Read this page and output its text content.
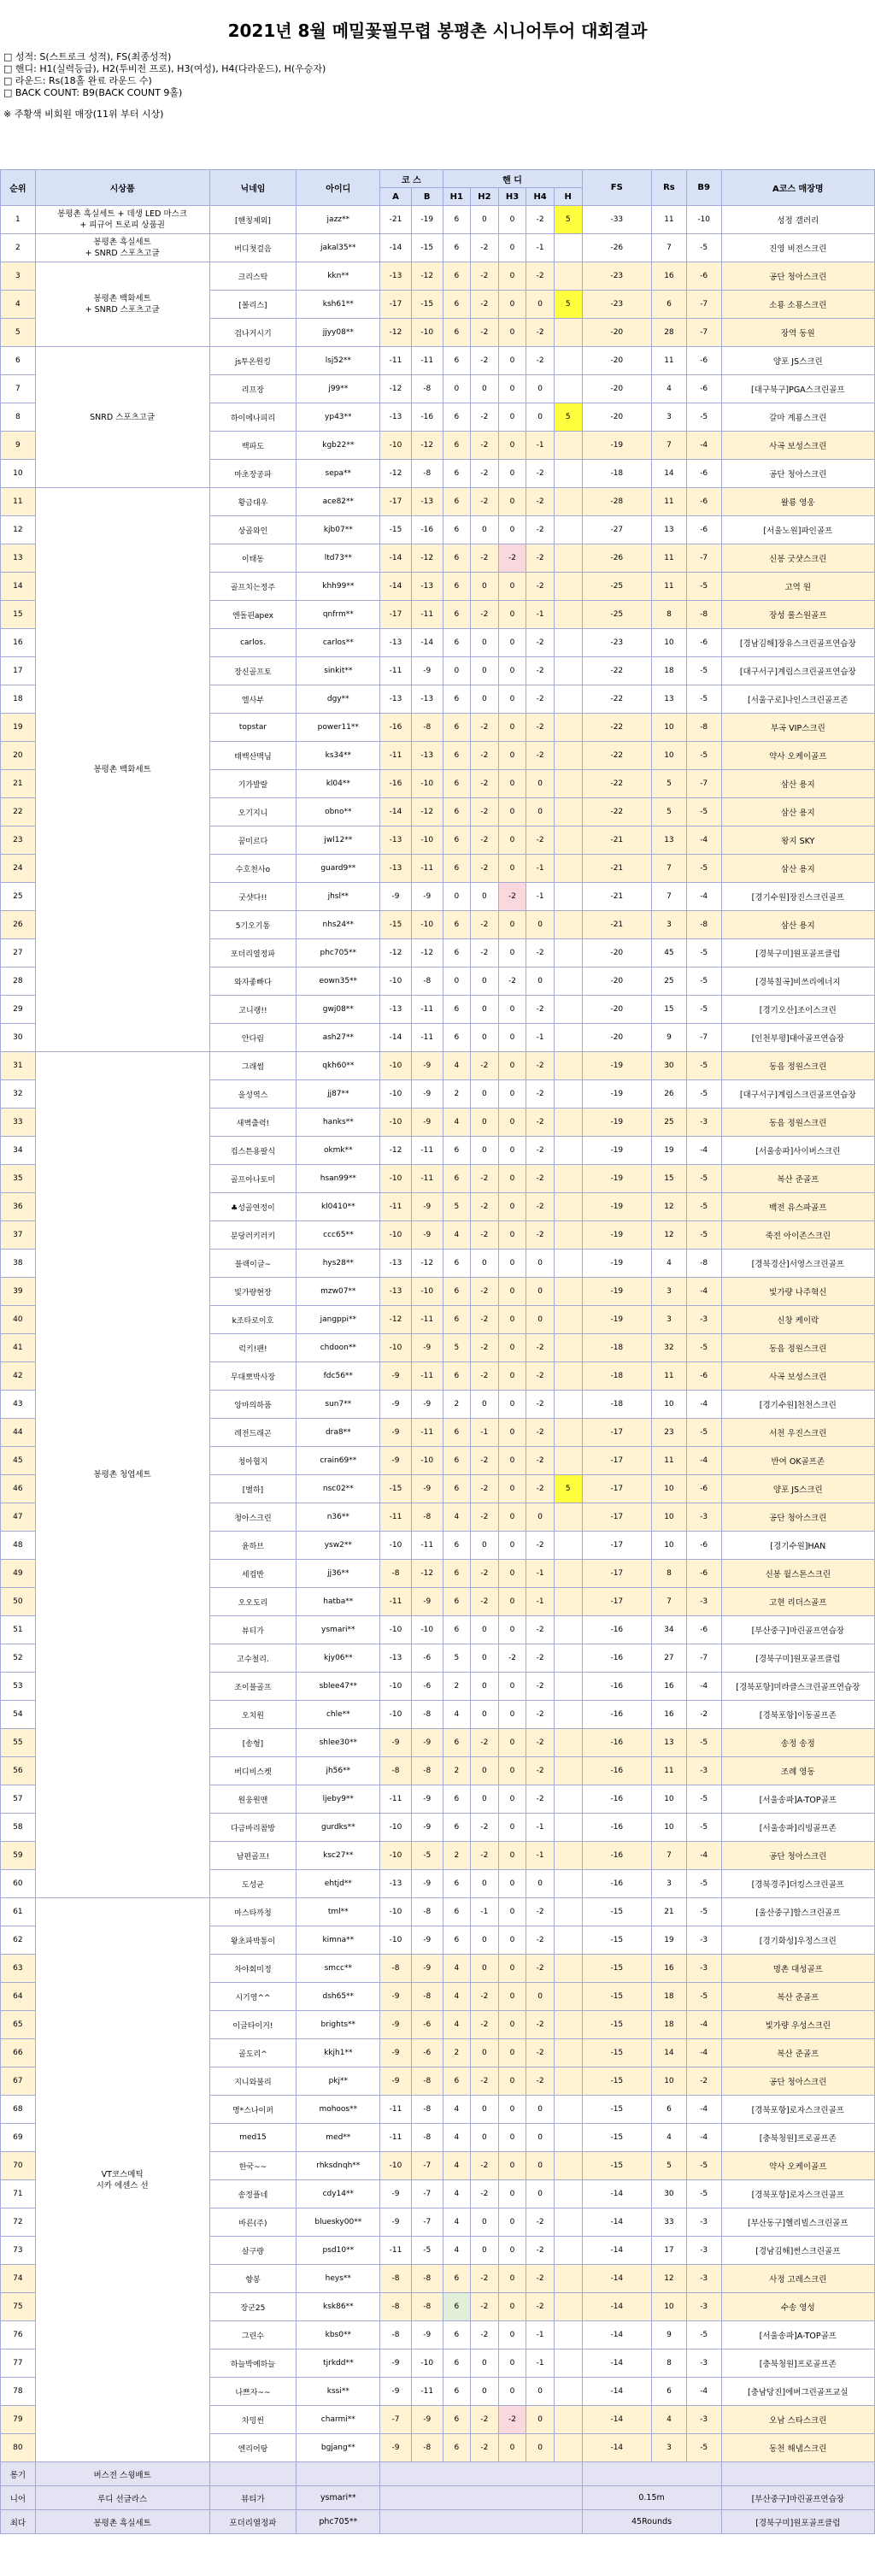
2021년 8월 메밀꽃필무렵 봉평촌 시니어투어 대회결과
□ 성적: S(스트로크 성적), FS(최종성적)
□ 핸디: H1(실력등급), H2(투비전 프로), H3(여성), H4(다라운드), H(우승자)
□ 라운드: Rs(18홀 완료 라운드 수)
□ BACK COUNT: B9(BACK COUNT 9홀)
※ 주황색 비회원 매장(11위 부터 시상)
순위	시상품	닉네임	아이디	코 스		핸 디					FS	Rs	B9	A코스 매장명
				A	B	H1	H2	H3	H4	H				
1	봉평촌 흑실세트 + 데생 LED 마스크
+ 피규어 트로피 상품권	[핸칭제외]	jazz**	-21	-19	6	0	0	-2	5	-33	11	-10	성정 갤러리
2	봉평촌 흑실세트
+ SNRD 스포츠고글	버디첫걸음	jakal35**	-14	-15	6	-2	0	-1		-26	7	-5	진영 비전스크린
3	봉평촌 백화세트
+ SNRD 스포츠고글	크리스탁	kkn**	-13	-12	6	-2	0	-2		-23	16	-6	공단 청아스크린
4		[볼리스]	ksh61**	-17	-15	6	-2	0	0	5	-23	6	-7	소룡 소룡스크린
5		겁나거시기	jjyy08**	-12	-10	6	-2	0	-2		-20	28	-7	장역 동원
6	SNRD 스포츠고글	js투온원킹	lsj52**	-11	-11	6	-2	0	-2		-20	11	-6	양포 JS스크린
7		리프장	j99**	-12	-8	0	0	0	0		-20	4	-6	[대구북구]PGA스크린골프
8		하이에나피리	yp43**	-13	-16	6	-2	0	0	5	-20	3	-5	갈마 계룡스크린
9		백파도	kgb22**	-10	-12	6	-2	0	-1		-19	7	-4	사곡 보성스크린
10		마초장공파	sepa**	-12	-8	6	-2	0	-2		-18	14	-6	공단 청아스크린
11	봉평촌 백화세트	황금대우	ace82**	-17	-13	6	-2	0	-2		-28	11	-6	왈룡 영웅
12		상골와인	kjb07**	-15	-16	6	0	0	-2		-27	13	-6	[서울노원]파인골프
13		이태동	ltd73**	-14	-12	6	-2	-2	-2		-26	11	-7	신봉 굿샷스크린
14		골프치는정주	khh99**	-14	-13	6	0	0	-2		-25	11	-5	고역 원
15		엔돌핀apex	qnfrm**	-17	-11	6	-2	0	-1		-25	8	-8	장성 롤스원골프
16		carlos.	carlos**	-13	-14	6	0	0	-2		-23	10	-6	[경남김해]장유스크린골프연습장
17		장신골프토	sinkit**	-11	-9	0	0	0	-2		-22	18	-5	[대구서구]계림스크린골프연습장
18		엘사부	dgy**	-13	-13	6	0	0	-2		-22	13	-5	[서울구로]나인스크린골프존
19		topstar	power11**	-16	-8	6	-2	0	-2		-22	10	-8	부곡 VIP스크린
20		태백산맥님	ks34**	-11	-13	6	-2	0	-2		-22	10	-5	약사 오케이골프
21		기가발랄	kl04**	-16	-10	6	-2	0	0		-22	5	-7	삼산 용지
22		오기지니	obno**	-14	-12	6	-2	0	0		-22	5	-5	삼산 용지
23		꿈미르다	jwl12**	-13	-10	6	-2	0	-2		-21	13	-4	왕지 SKY
24		수호천사o	guard9**	-13	-11	6	-2	0	-1		-21	7	-5	삼산 용지
25		굿샷다!!	jhsl**	-9	-9	0	0	-2	-1		-21	7	-4	[경기수원]장진스크린골프
26		5기오기통	nhs24**	-15	-10	6	-2	0	0		-21	3	-8	삼산 용지
27		포더리열정파	phc705**	-12	-12	6	-2	0	-2		-20	45	-5	[경북구미]원포골프클럽
28		와자좋빠다	eown35**	-10	-8	0	0	-2	0		-20	25	-5	[경북칠곡]비쓰리에너지
29		고니랭!!	gwj08**	-13	-11	6	0	0	-2		-20	15	-5	[경기오산]조이스크린
30		안다림	ash27**	-14	-11	6	0	0	-1		-20	9	-7	[인천부평]대아골프연습장
31	봉평촌 청엽세트	그래썸	qkh60**	-10	-9	4	-2	0	-2		-19	30	-5	동읍 정원스크린
32		을성역스	jj87**	-10	-9	2	0	0	-2		-19	26	-5	[대구서구]계림스크린골프연습장
33		새벽출력!	hanks**	-10	-9	4	0	0	-2		-19	25	-3	동읍 정원스크린
34		컵스튼용팔식	okmk**	-12	-11	6	0	0	-2		-19	19	-4	[서울송파]사이버스크린
35		골프아나토미	hsan99**	-10	-11	6	-2	0	-2		-19	15	-5	복산 준골프
36		♣성골연정이	kl0410**	-11	-9	5	-2	0	-2		-19	12	-5	백전 유스파골프
37		분당러키러키	ccc65**	-10	-9	4	-2	0	-2		-19	12	-5	죽전 아이존스크린
38		블랙이글~	hys28**	-13	-12	6	0	0	0		-19	4	-8	[경북경산]서영스크린골프
39		빛가량현장	mzw07**	-13	-10	6	-2	0	0		-19	3	-4	빛가량 나주혁신
40		k조타로이호	jangppi**	-12	-11	6	-2	0	0		-19	3	-3	신창 케이락
41		럭키!팬!	chdoon**	-10	-9	5	-2	0	-2		-18	32	-5	동읍 정원스크린
42		무대뽀박사장	fdc56**	-9	-11	6	-2	0	-2		-18	11	-6	사곡 보성스크린
43		앙마의하품	sun7**	-9	-9	2	0	0	-2		-18	10	-4	[경기수원]천천스크린
44		레전드래곤	dra8**	-9	-11	6	-1	0	-2		-17	23	-5	서천 우진스크린
45		청아협지	crain69**	-9	-10	6	-2	0	-2		-17	11	-4	반여 OK골프존
46		[별하]	nsc02**	-15	-9	6	-2	0	-2	5	-17	10	-6	양포 JS스크린
47		청아스크린	n36**	-11	-8	4	-2	0	0		-17	10	-3	공단 청아스크린
48		윤하브	ysw2**	-10	-11	6	0	0	-2		-17	10	-6	[경기수원]HAN
49		세컵반	jj36**	-8	-12	6	-2	0	-1		-17	8	-6	신봉 월스톤스크린
50		오오도리	hatba**	-11	-9	6	-2	0	-1		-17	7	-3	고현 리더스골프
51		뷰티가	ysmari**	-10	-10	6	0	0	-2		-16	34	-6	[부산중구]마린골프연습장
52		고수철리.	kjy06**	-13	-6	5	0	-2	-2		-16	27	-7	[경북구미]원포골프클럽
53		조이블골프	sblee47**	-10	-6	2	0	0	-2		-16	16	-4	[경북포항]미라클스크린골프연습장
54		오치원	chle**	-10	-8	4	0	0	-2		-16	16	-2	[경북포항]이동골프존
55		[송형]	shlee30**	-9	-9	6	-2	0	-2		-16	13	-5	송정 송정
56		버디비스켓	jh56**	-8	-8	2	0	0	-2		-16	11	-3	조례 영동
57		원웅원맨	ljeby9**	-11	-9	6	0	0	-2		-16	10	-5	[서울송파]A-TOP골프
58		다금바리참방	gurdks**	-10	-9	6	-2	0	-1		-16	10	-5	[서울송파]리빙골프존
59		남편골프!	ksc27**	-10	-5	2	-2	0	-1		-16	7	-4	공단 청아스크린
60		도성균	ehtjd**	-13	-9	6	0	0	0		-16	3	-5	[경북경주]더킹스크린골프
61	VT코스메틱
시카 에센스 선	마스타까청	tml**	-10	-8	6	-1	0	-2		-15	21	-5	[울산중구]합스크린골프
62		왕초파박통이	kimna**	-10	-9	6	0	0	-2		-15	19	-3	[경기화성]우정스크린
63		차야회미정	smcc**	-8	-9	4	0	0	-2		-15	16	-3	명촌 대성골프
64		시기영^^	dsh65**	-9	-8	4	-2	0	0		-15	18	-5	복산 준골프
65		이글타이거!	brights**	-9	-6	4	-2	0	-2		-15	18	-4	빛가량 우성스크린
66		골도리^	kkjh1**	-9	-6	2	0	0	-2		-15	14	-4	복산 준골프
67		지니와불리	pkj**	-9	-8	6	-2	0	-2		-15	10	-2	공단 청아스크린
68		명*스나이퍼	mohoos**	-11	-8	4	0	0	0		-15	6	-4	[경북포항]로자스크린골프
69		med15	med**	-11	-8	4	0	0	0		-15	4	-4	[충북청원]프로골프존
70		한국~~	rhksdnqh**	-10	-7	4	-2	0	0		-15	5	-5	약사 오케이골프
71		송정플네	cdy14**	-9	-7	4	-2	0	0		-14	30	-5	[경북포항]로자스크린골프
72		바른(주)	bluesky00**	-9	-7	4	0	0	-2		-14	33	-3	[부산동구]헬리빌스크린골프
73		살구량	psd10**	-11	-5	4	0	0	-2		-14	17	-3	[경남김해]썬스크린골프
74		향봉	heys**	-8	-8	6	-2	0	-2		-14	12	-3	사정 고레스크린
75		장군25	ksk86**	-8	-8	6	-2	0	-2		-14	10	-3	수송 영성
76		그린수	kbs0**	-8	-9	6	-2	0	-1		-14	9	-5	[서울송파]A-TOP골프
77		하늘박예하늘	tjrkdd**	-9	-10	6	0	0	-1		-14	8	-3	[충북청원]프로골프존
78		나쁘자~~	kssi**	-9	-11	6	0	0	0		-14	6	-4	[충남당진]에버그린골프교실
79		차밍썬	charmi**	-7	-9	6	-2	-2	0		-14	4	-3	오남 스타스크린
80		엔리어탕	bgjang**	-9	-8	6	-2	0	0		-14	3	-5	동천 해냄스크린
롱기	버스전 스윙배트													
니어	루디 선글라스	뷰티가	ysmari**								0.15m			[부산중구]마린골프연습장
최다	봉평촌 흑실세트	포더리열정파	phc705**								45Rounds			[경북구미]원포골프클럽
